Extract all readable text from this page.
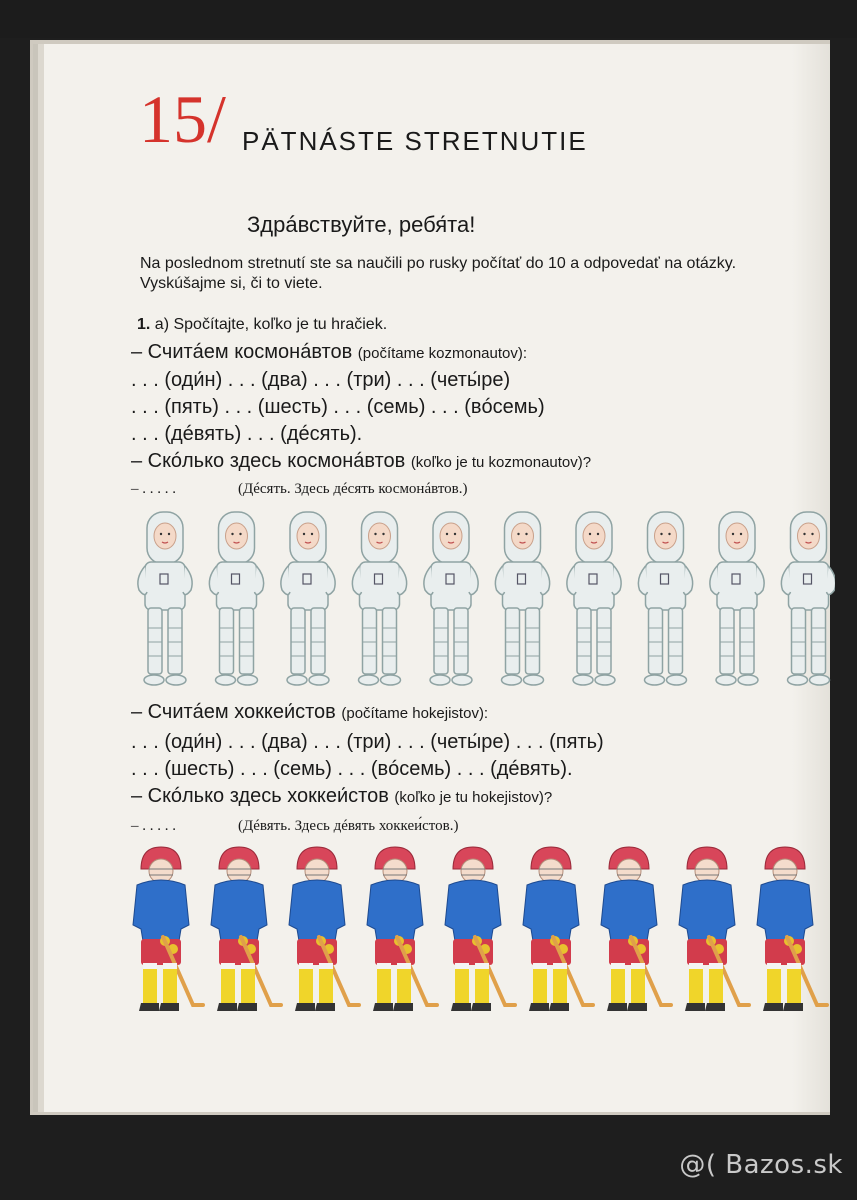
15/ PÄTNÁSTE STRETNUTIE
Здрáвствуйте, ребя́та!
Na poslednom stretnutí ste sa naučili po rusky počítať do 10 a odpovedať na otázky.
Vyskúšajme si, či to viete.
1. a) Spočítajte, koľko je tu hračiek.
– Считáем космонáвтов (počítame kozmonautov):
. . . (оди́н) . . . (два) . . . (три) . . . (четы́ре)
. . . (пять) . . . (шесть) . . . (семь) . . . (вóсемь)
. . . (дéвять) . . . (дéсять).
– Скóлько здесь космонáвтов (koľko je tu kozmonautov)?
– . . . . .	(Дéсять. Здесь дéсять космонáвтов.)
– Считáем хоккеи́стов (počítame hokejistov):
. . . (оди́н) . . . (два) . . . (три) . . . (четы́ре) . . . (пять)
. . . (шесть) . . . (семь) . . . (вóсемь) . . . (дéвять).
– Скóлько здесь хоккеи́стов (koľko je tu hokejistov)?
– . . . . .	(Дéвять. Здесь дéвять хоккеи́стов.)
@( Bazos.sk
